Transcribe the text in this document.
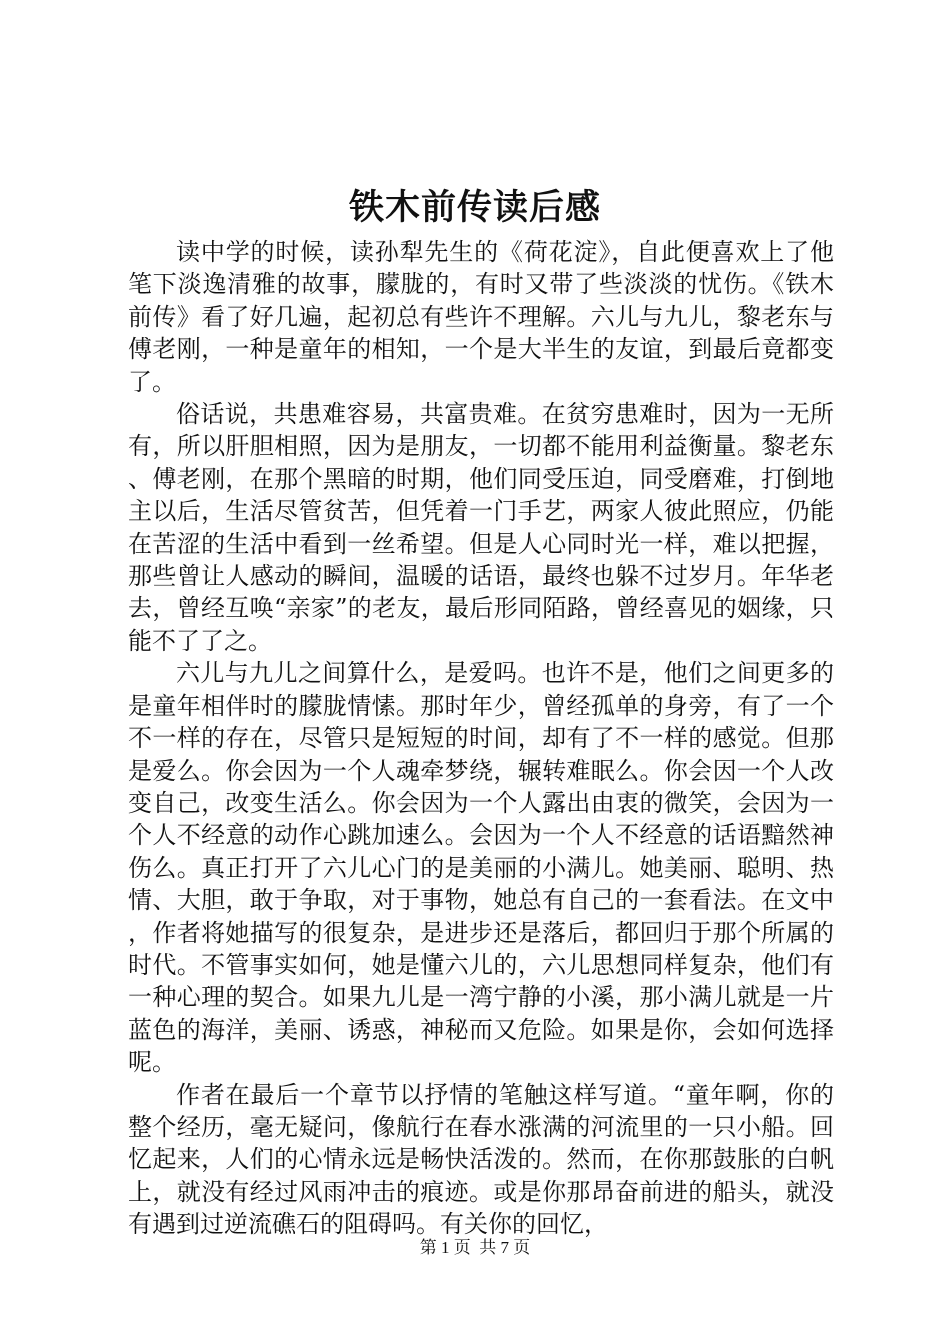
铁木前传读后感

读中学的时候，读孙犁先生的《荷花淀》，自此便喜欢上了他笔下淡逸清雅的故事，朦胧的，有时又带了些淡淡的忧伤。《铁木前传》看了好几遍，起初总有些许不理解。六儿与九儿，黎老东与傅老刚，一种是童年的相知，一个是大半生的友谊，到最后竟都变了。

俗话说，共患难容易，共富贵难。在贫穷患难时，因为一无所有，所以肝胆相照，因为是朋友，一切都不能用利益衡量。黎老东、傅老刚，在那个黑暗的时期，他们同受压迫，同受磨难，打倒地主以后，生活尽管贫苦，但凭着一门手艺，两家人彼此照应，仍能在苦涩的生活中看到一丝希望。但是人心同时光一样，难以把握，那些曾让人感动的瞬间，温暖的话语，最终也躲不过岁月。年华老去，曾经互唤“亲家”的老友，最后形同陌路，曾经喜见的姻缘，只能不了了之。

六儿与九儿之间算什么，是爱吗。也许不是，他们之间更多的是童年相伴时的朦胧情愫。那时年少，曾经孤单的身旁，有了一个不一样的存在，尽管只是短短的时间，却有了不一样的感觉。但那是爱么。你会因为一个人魂牵梦绕，辗转难眠么。你会因一个人改变自己，改变生活么。你会因为一个人露出由衷的微笑，会因为一个人不经意的动作心跳加速么。会因为一个人不经意的话语黯然神伤么。真正打开了六儿心门的是美丽的小满儿。她美丽、聪明、热情、大胆，敢于争取，对于事物，她总有自己的一套看法。在文中，作者将她描写的很复杂，是进步还是落后，都回归于那个所属的时代。不管事实如何，她是懂六儿的，六儿思想同样复杂，他们有一种心理的契合。如果九儿是一湾宁静的小溪，那小满儿就是一片蓝色的海洋，美丽、诱惑，神秘而又危险。如果是你，会如何选择呢。

作者在最后一个章节以抒情的笔触这样写道。“童年啊，你的整个经历，毫无疑问，像航行在春水涨满的河流里的一只小船。回忆起来，人们的心情永远是畅快活泼的。然而，在你那鼓胀的白帆上，就没有经过风雨冲击的痕迹。或是你那昂奋前进的船头，就没有遇到过逆流礁石的阻碍吗。有关你的回忆，

第 1 页  共 7 页
